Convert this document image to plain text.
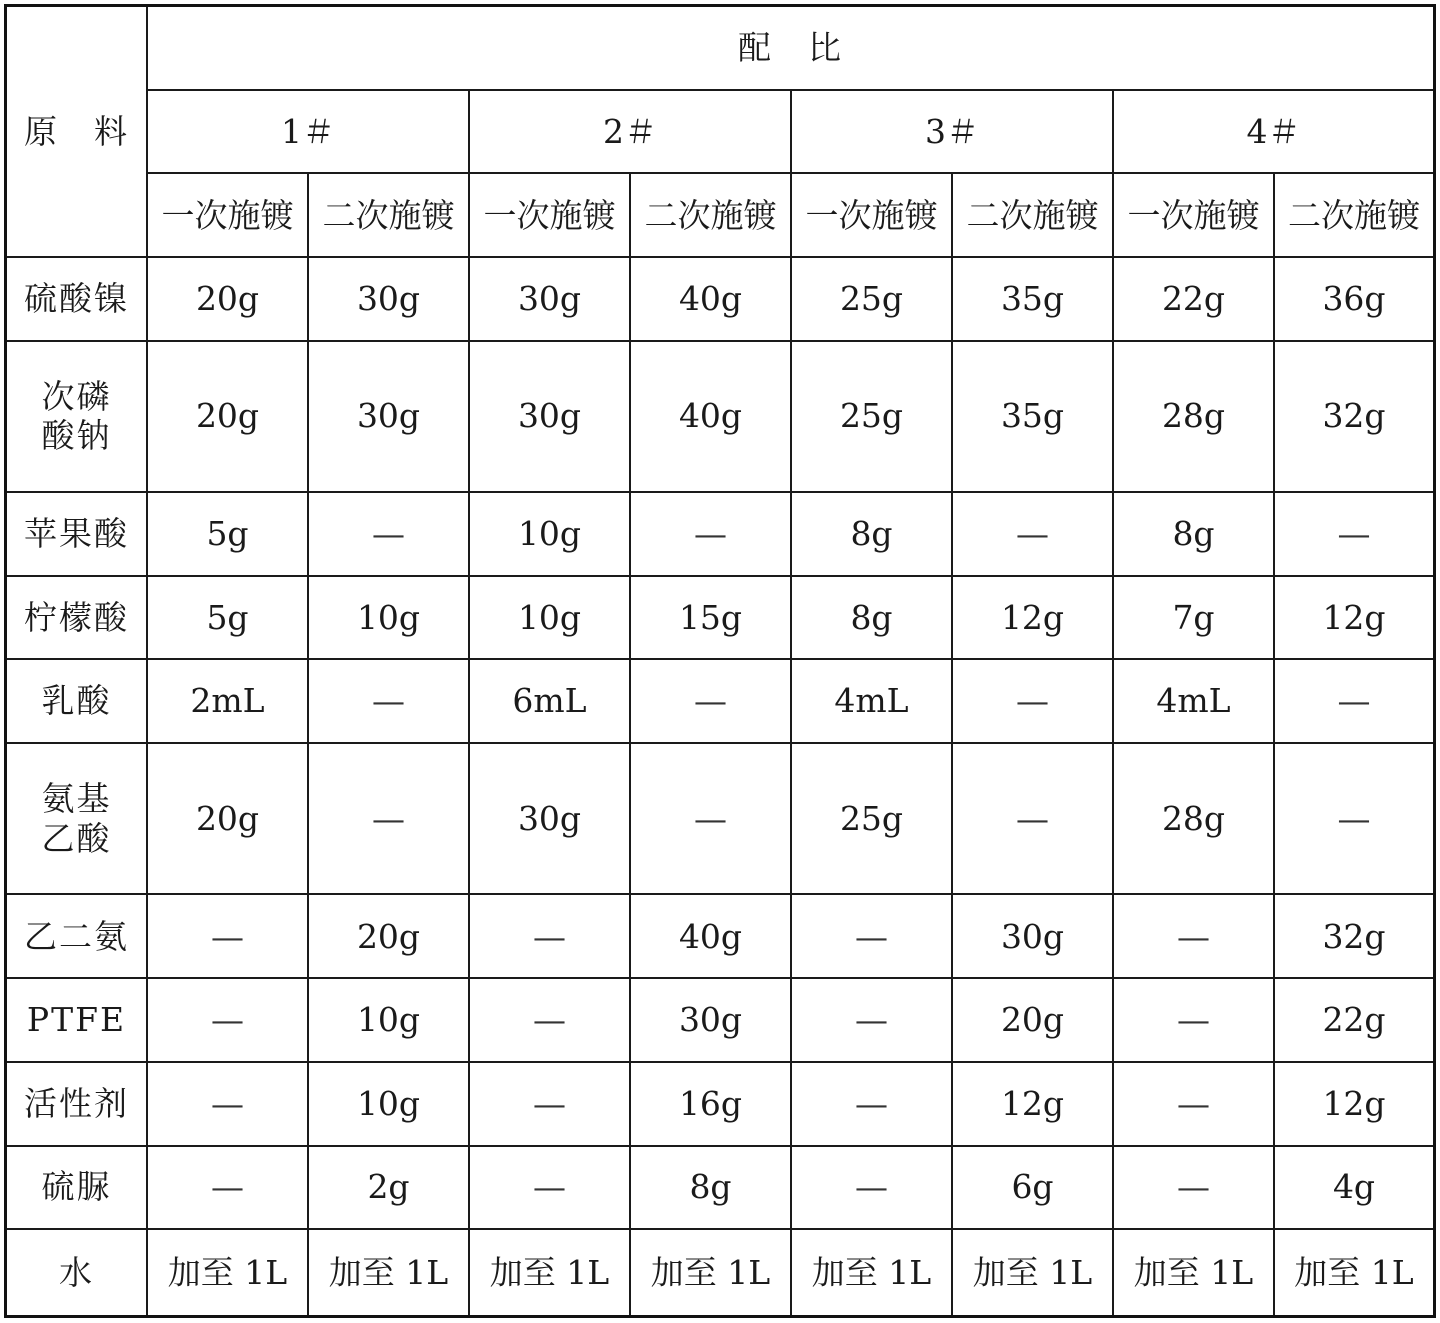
原　料	配　比							
	1＃		2＃		3＃		4＃	
	一次施镀	二次施镀	一次施镀	二次施镀	一次施镀	二次施镀	一次施镀	二次施镀
硫酸镍	20g	30g	30g	40g	25g	35g	22g	36g
次磷
酸钠	20g	30g	30g	40g	25g	35g	28g	32g
苹果酸	5g	—	10g	—	8g	—	8g	—
柠檬酸	5g	10g	10g	15g	8g	12g	7g	12g
乳酸	2mL	—	6mL	—	4mL	—	4mL	—
氨基
乙酸	20g	—	30g	—	25g	—	28g	—
乙二氨	—	20g	—	40g	—	30g	—	32g
PTFE	—	10g	—	30g	—	20g	—	22g
活性剂	—	10g	—	16g	—	12g	—	12g
硫脲	—	2g	—	8g	—	6g	—	4g
水	加至 1L	加至 1L	加至 1L	加至 1L	加至 1L	加至 1L	加至 1L	加至 1L
